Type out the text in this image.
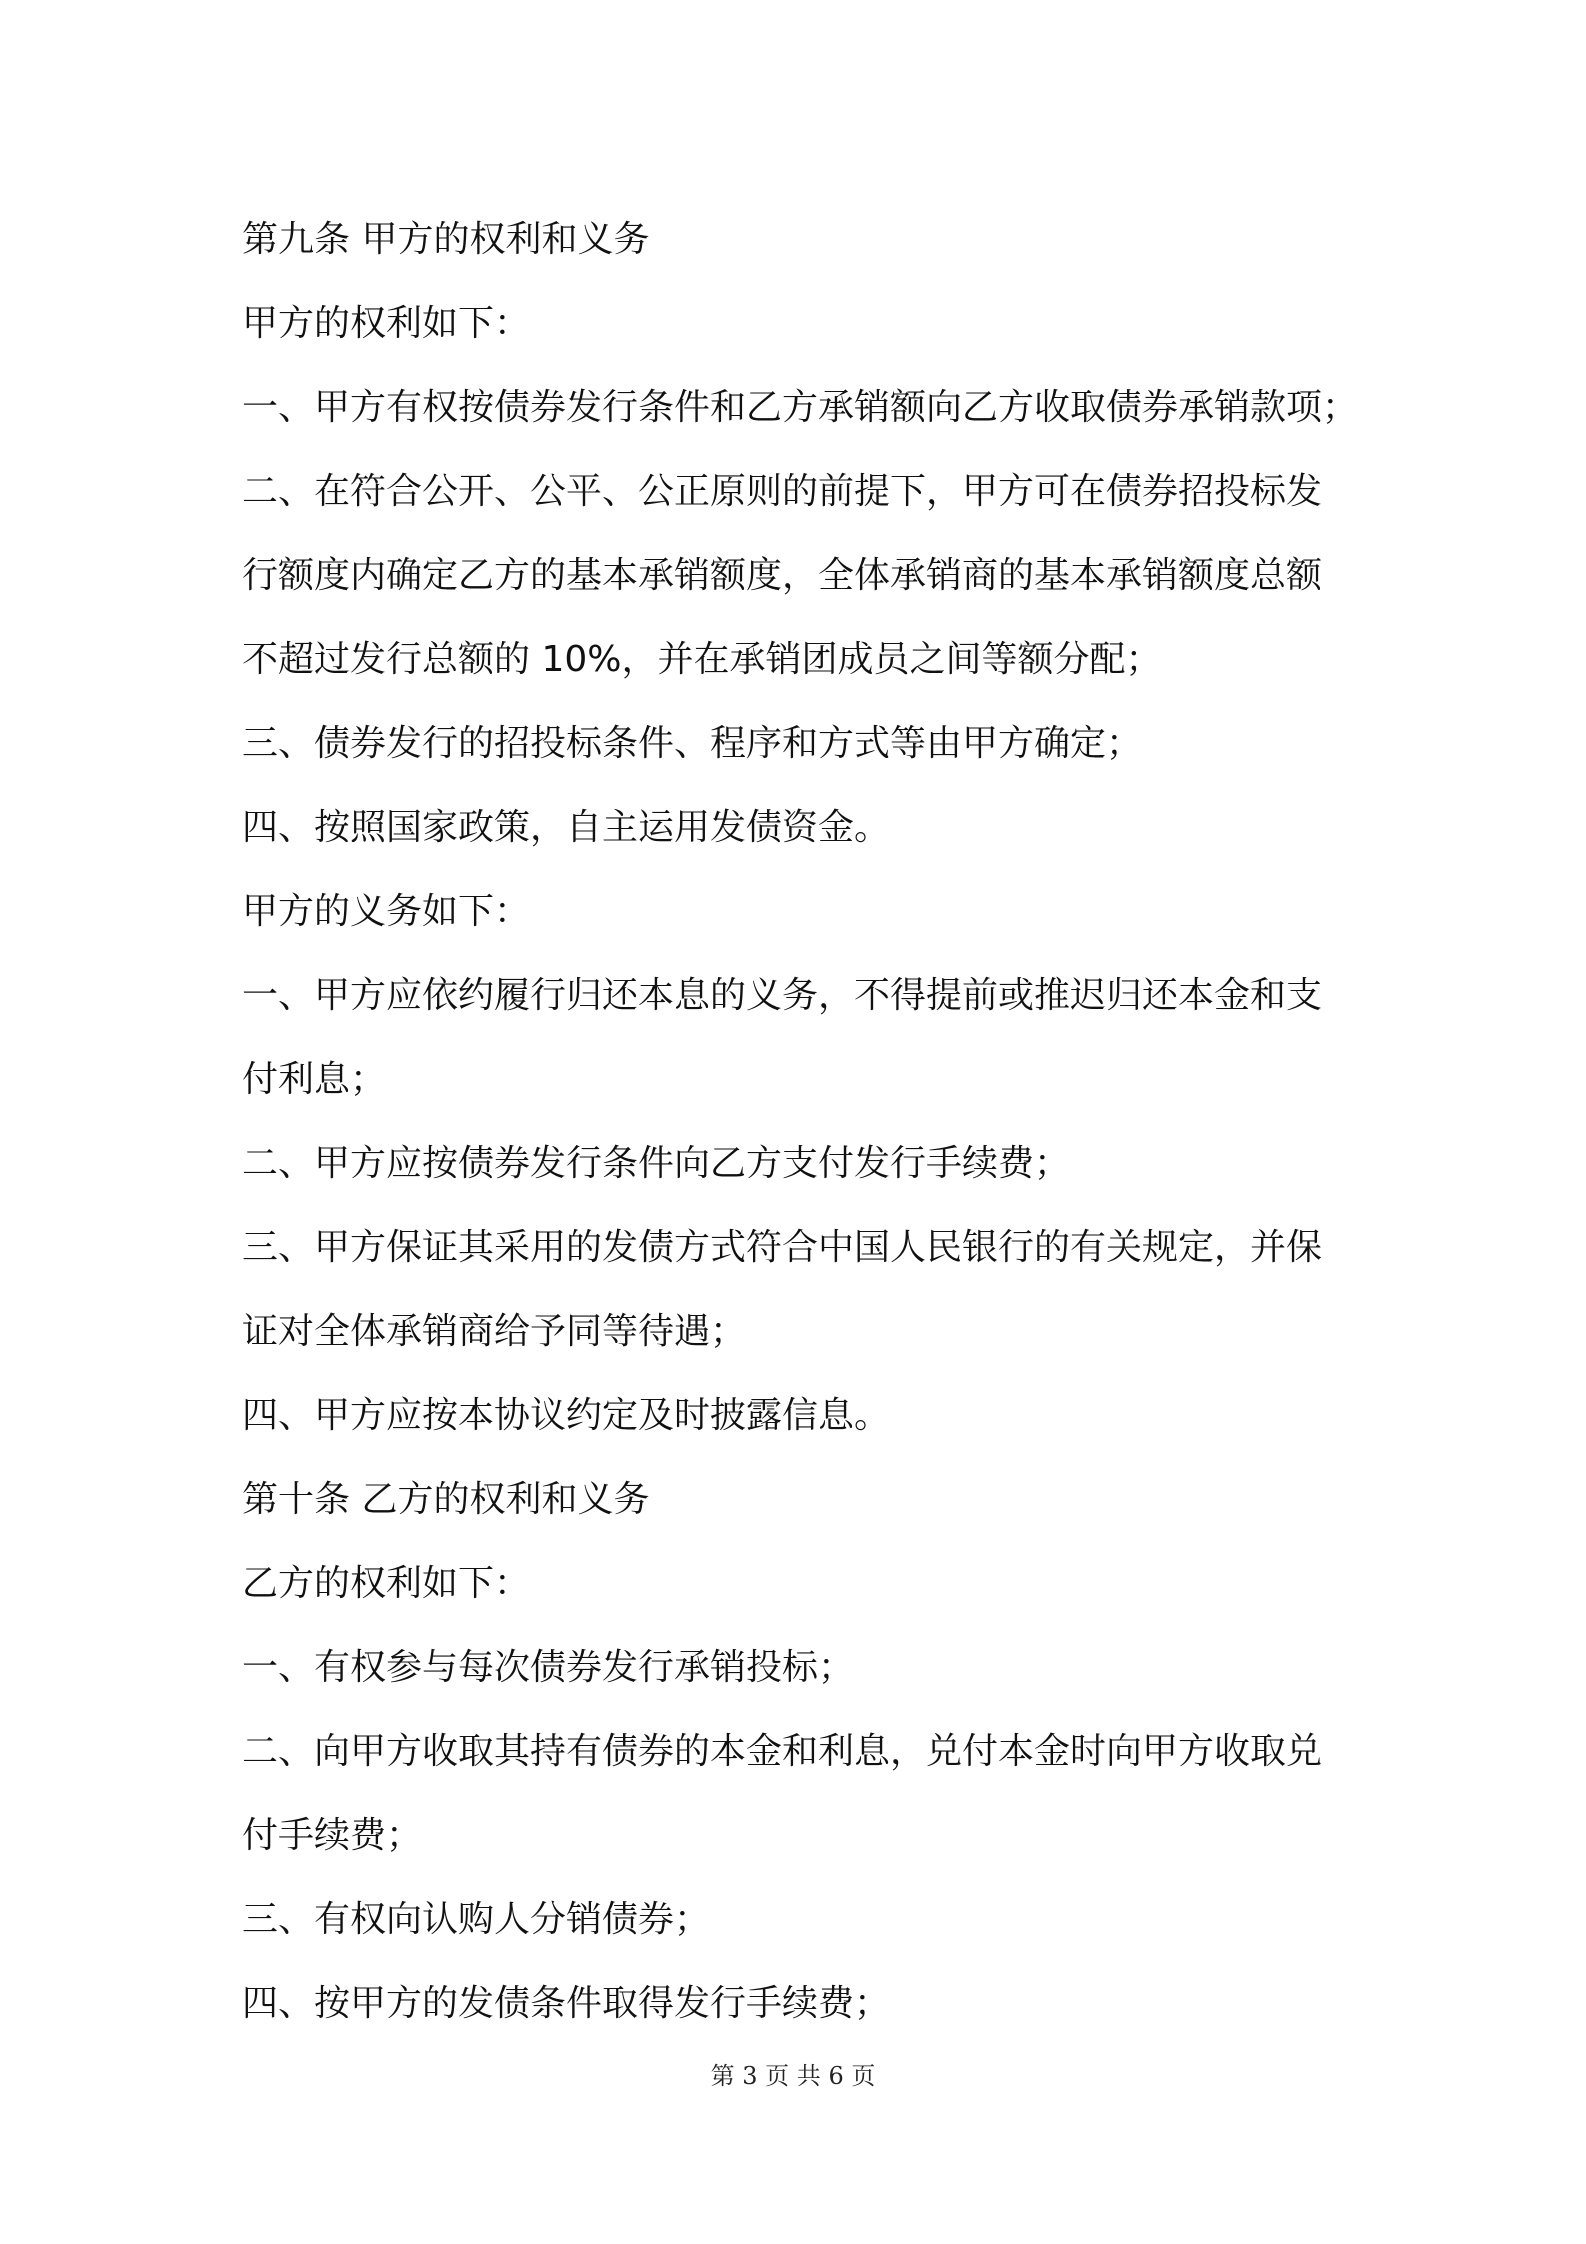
第九条 甲方的权利和义务
甲方的权利如下：
一、甲方有权按债券发行条件和乙方承销额向乙方收取债券承销款项；
二、在符合公开、公平、公正原则的前提下，甲方可在债券招投标发
行额度内确定乙方的基本承销额度，全体承销商的基本承销额度总额
不超过发行总额的 10%，并在承销团成员之间等额分配；
三、债券发行的招投标条件、程序和方式等由甲方确定；
四、按照国家政策，自主运用发债资金。
甲方的义务如下：
一、甲方应依约履行归还本息的义务，不得提前或推迟归还本金和支
付利息；
二、甲方应按债券发行条件向乙方支付发行手续费；
三、甲方保证其采用的发债方式符合中国人民银行的有关规定，并保
证对全体承销商给予同等待遇；
四、甲方应按本协议约定及时披露信息。
第十条 乙方的权利和义务
乙方的权利如下：
一、有权参与每次债券发行承销投标；
二、向甲方收取其持有债券的本金和利息，兑付本金时向甲方收取兑
付手续费；
三、有权向认购人分销债券；
四、按甲方的发债条件取得发行手续费；
第 3 页 共 6 页
